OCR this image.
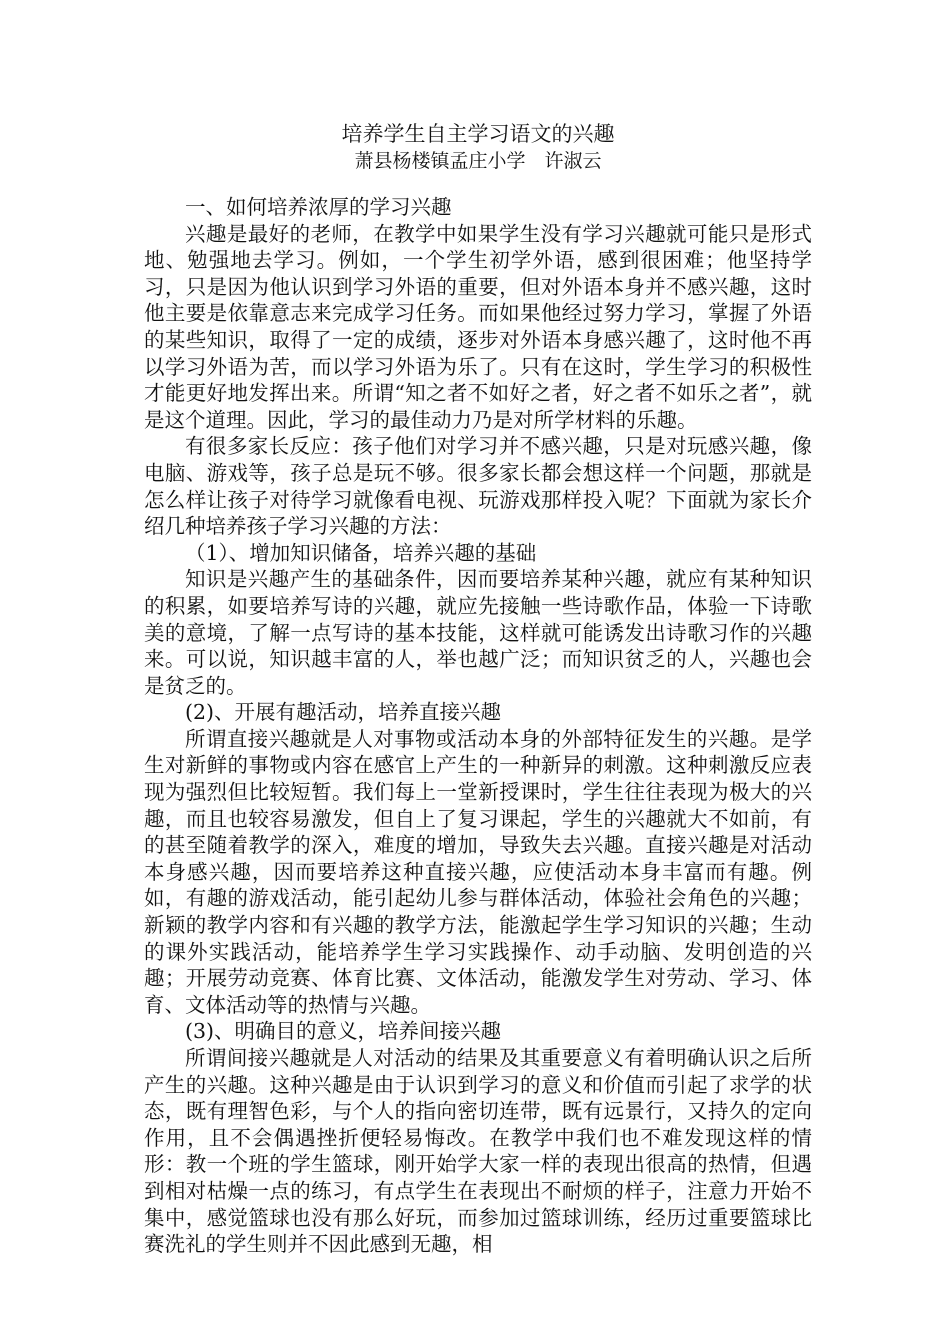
培养学生自主学习语文的兴趣
萧县杨楼镇孟庄小学　许淑云

一、如何培养浓厚的学习兴趣

兴趣是最好的老师，在教学中如果学生没有学习兴趣就可能只是形式地、勉强地去学习。例如，一个学生初学外语，感到很困难；他坚持学习，只是因为他认识到学习外语的重要，但对外语本身并不感兴趣，这时他主要是依靠意志来完成学习任务。而如果他经过努力学习，掌握了外语的某些知识，取得了一定的成绩，逐步对外语本身感兴趣了，这时他不再以学习外语为苦，而以学习外语为乐了。只有在这时，学生学习的积极性才能更好地发挥出来。所谓“知之者不如好之者，好之者不如乐之者”，就是这个道理。因此，学习的最佳动力乃是对所学材料的乐趣。

有很多家长反应：孩子他们对学习并不感兴趣，只是对玩感兴趣，像电脑、游戏等，孩子总是玩不够。很多家长都会想这样一个问题，那就是怎么样让孩子对待学习就像看电视、玩游戏那样投入呢？下面就为家长介绍几种培养孩子学习兴趣的方法：

（1）、增加知识储备，培养兴趣的基础

知识是兴趣产生的基础条件，因而要培养某种兴趣，就应有某种知识的积累，如要培养写诗的兴趣，就应先接触一些诗歌作品，体验一下诗歌美的意境，了解一点写诗的基本技能，这样就可能诱发出诗歌习作的兴趣来。可以说，知识越丰富的人，举也越广泛；而知识贫乏的人，兴趣也会是贫乏的。

(2)、开展有趣活动，培养直接兴趣

所谓直接兴趣就是人对事物或活动本身的外部特征发生的兴趣。是学生对新鲜的事物或内容在感官上产生的一种新异的刺激。这种刺激反应表现为强烈但比较短暂。我们每上一堂新授课时，学生往往表现为极大的兴趣，而且也较容易激发，但自上了复习课起，学生的兴趣就大不如前，有的甚至随着教学的深入，难度的增加，导致失去兴趣。直接兴趣是对活动本身感兴趣，因而要培养这种直接兴趣，应使活动本身丰富而有趣。例如，有趣的游戏活动，能引起幼儿参与群体活动，体验社会角色的兴趣；新颖的教学内容和有兴趣的教学方法，能激起学生学习知识的兴趣；生动的课外实践活动，能培养学生学习实践操作、动手动脑、发明创造的兴趣；开展劳动竞赛、体育比赛、文体活动，能激发学生对劳动、学习、体育、文体活动等的热情与兴趣。

(3)、明确目的意义，培养间接兴趣

所谓间接兴趣就是人对活动的结果及其重要意义有着明确认识之后所产生的兴趣。这种兴趣是由于认识到学习的意义和价值而引起了求学的状态，既有理智色彩，与个人的指向密切连带，既有远景行，又持久的定向作用，且不会偶遇挫折便轻易悔改。在教学中我们也不难发现这样的情形：教一个班的学生篮球，刚开始学大家一样的表现出很高的热情，但遇到相对枯燥一点的练习，有点学生在表现出不耐烦的样子，注意力开始不集中，感觉篮球也没有那么好玩，而参加过篮球训练，经历过重要篮球比赛洗礼的学生则并不因此感到无趣，相
